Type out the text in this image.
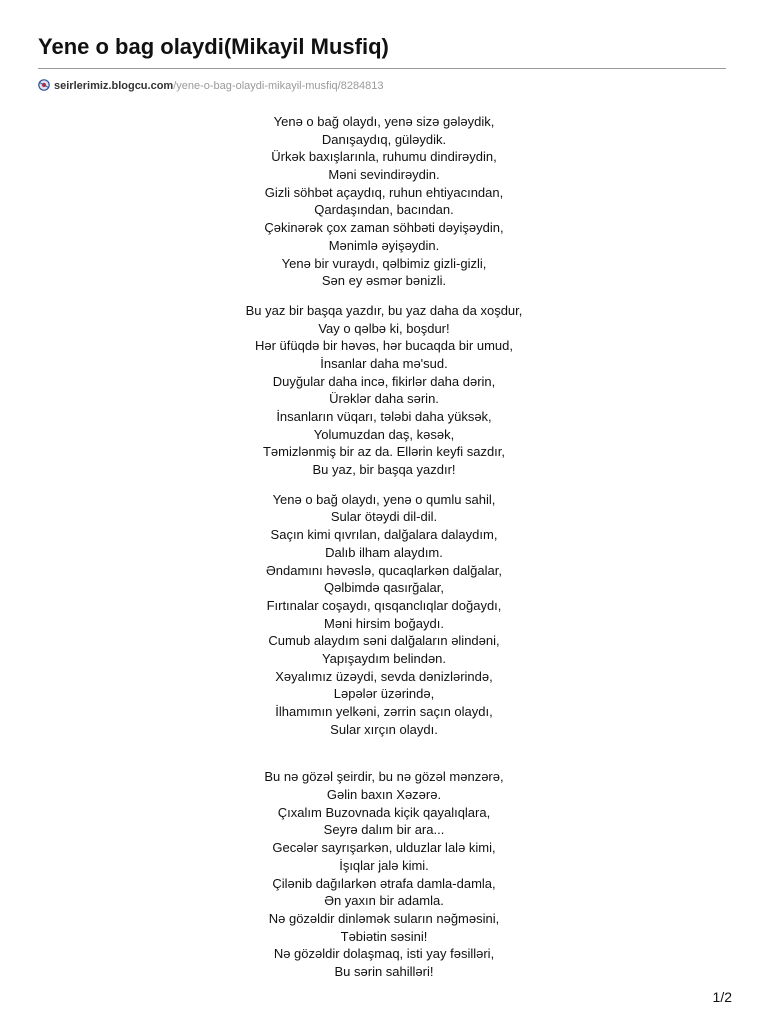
Yene o bag olaydi(Mikayil Musfiq)
seirlerimiz.blogcu.com/yene-o-bag-olaydi-mikayil-musfiq/8284813
Yenə o bağ olaydı, yenə sizə gələydik,
Danışaydıq, güləydik.
Ürkək baxışlarınla, ruhumu dindirəydin,
Məni sevindirəydin.
Gizli söhbət açaydıq, ruhun ehtiyacından,
Qardaşından, bacından.
Çəkinərək çox zaman söhbəti dəyişəydin,
Mənimlə əyişəydin.
Yenə bir vuraydı, qəlbimiz gizli-gizli,
Sən ey əsmər bənizli.
Bu yaz bir başqa yazdır, bu yaz daha da xoşdur,
Vay o qəlbə ki, boşdur!
Hər üfüqdə bir həvəs, hər bucaqda bir umud,
İnsanlar daha mə'sud.
Duyğular daha incə, fikirlər daha dərin,
Ürəklər daha sərin.
İnsanların vüqarı, tələbi daha yüksək,
Yolumuzdan daş, kəsək,
Təmizlənmiş bir az da. Ellərin keyfi sazdır,
Bu yaz, bir başqa yazdır!
Yenə o bağ olaydı, yenə o qumlu sahil,
Sular ötəydi dil-dil.
Saçın kimi qıvrılan, dalğalara dalaydım,
Dalıb ilham alaydım.
Əndamını həvəslə, qucaqlarkən dalğalar,
Qəlbimdə qasırğalar,
Fırtınalar coşaydı, qısqanclıqlar doğaydı,
Məni hirsim boğaydı.
Cumub alaydım səni dalğaların əlindəni,
Yapışaydım belindən.
Xəyalımız üzəydi, sevda dənizlərində,
Ləpələr üzərində,
İlhamımın yelkəni, zərrin saçın olaydı,
Sular xırçın olaydı.
Bu nə gözəl şeirdir, bu nə gözəl mənzərə,
Gəlin baxın Xəzərə.
Çıxalım Buzovnada kiçik qayalıqlara,
Seyrə dalım bir ara...
Gecələr sayrışarkən, ulduzlar lalə kimi,
İşıqlar jalə kimi.
Çilənib dağılarkən ətrafa damla-damla,
Ən yaxın bir adamla.
Nə gözəldir dinləmək suların nəğməsini,
Təbiətin səsini!
Nə gözəldir dolaşmaq, isti yay fəsilləri,
Bu sərin sahilləri!
1/2
